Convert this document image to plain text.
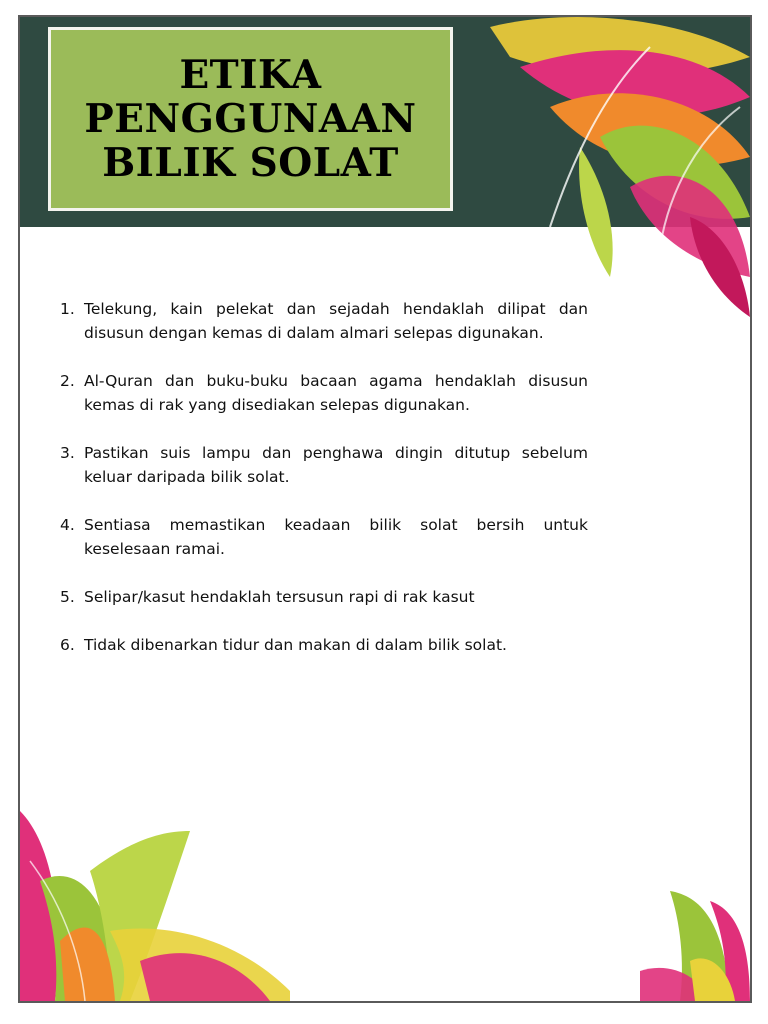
ETIKA
PENGGUNAAN
BILIK SOLAT
1. Telekung, kain pelekat dan sejadah hendaklah dilipat dan disusun dengan kemas di dalam almari selepas digunakan.
2. Al-Quran dan buku-buku bacaan agama hendaklah disusun kemas di rak yang disediakan selepas digunakan.
3. Pastikan suis lampu dan penghawa dingin ditutup sebelum keluar daripada bilik solat.
4. Sentiasa memastikan keadaan bilik solat bersih untuk keselesaan ramai.
5. Selipar/kasut hendaklah tersusun rapi di rak kasut
6. Tidak dibenarkan tidur dan makan di dalam bilik solat.
